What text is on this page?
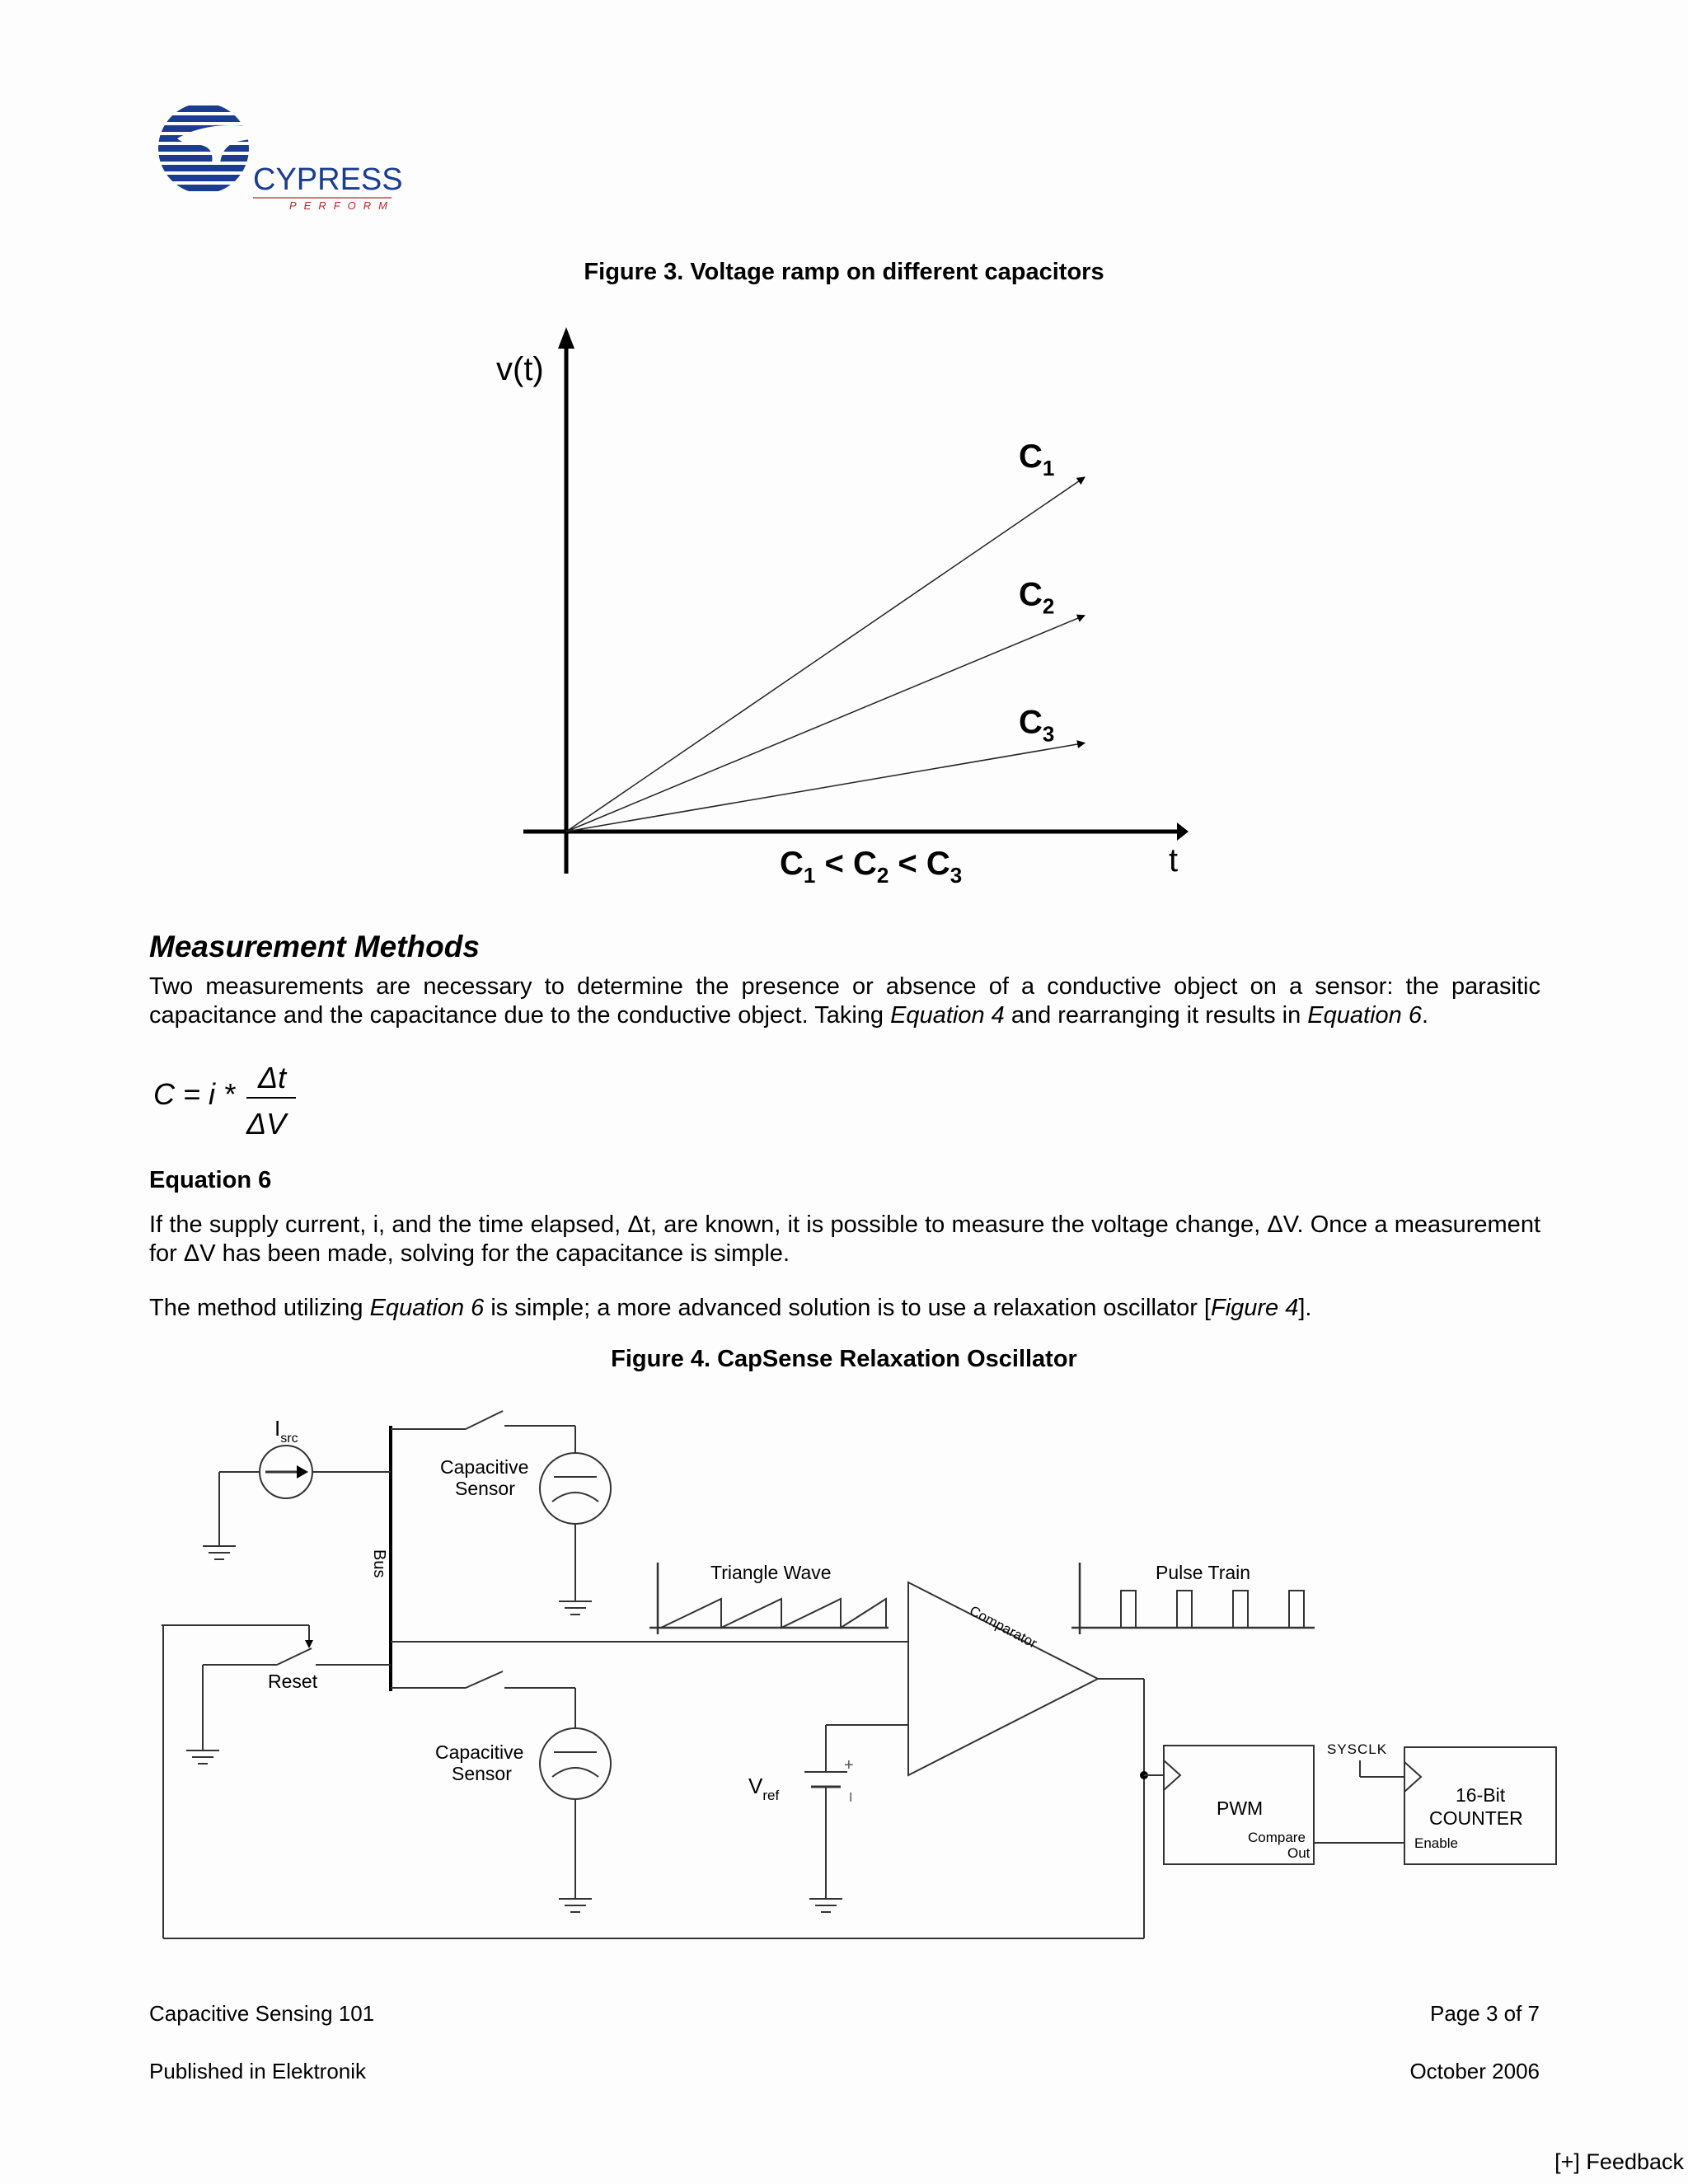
CYPRESS
PERFORM
Figure 3. Voltage ramp on different capacitors
v(t)
t
$C_1$
$C_2$
$C_3$
$C_1 < C_2 < C_3$
Measurement Methods

Two measurements are necessary to determine the presence or absence of a conductive object on a sensor: the parasitic capacitance and the capacitance due to the conductive object. Taking Equation 4 and rearranging it results in Equation 6.

C = i * Δt
ΔV
Equation 6

If the supply current, i, and the time elapsed, Δt, are known, it is possible to measure the voltage change, ΔV. Once a measurement for ΔV has been made, solving for the capacitance is simple.

The method utilizing Equation 6 is simple; a more advanced solution is to use a relaxation oscillator [Figure 4].

Figure 4. CapSense Relaxation Oscillator
Bus
$I_{src}$
Capacitive
Sensor
Reset
Capacitive
Sensor
Triangle Wave
Comparator
$V_{ref}$
+
I
Pulse Train
PWM
Compare
Out
SYSCLK
16-Bit
COUNTER
Enable
Capacitive Sensing 101	Page 3 of 7
Published in Elektronik	October 2006
[+] Feedback
